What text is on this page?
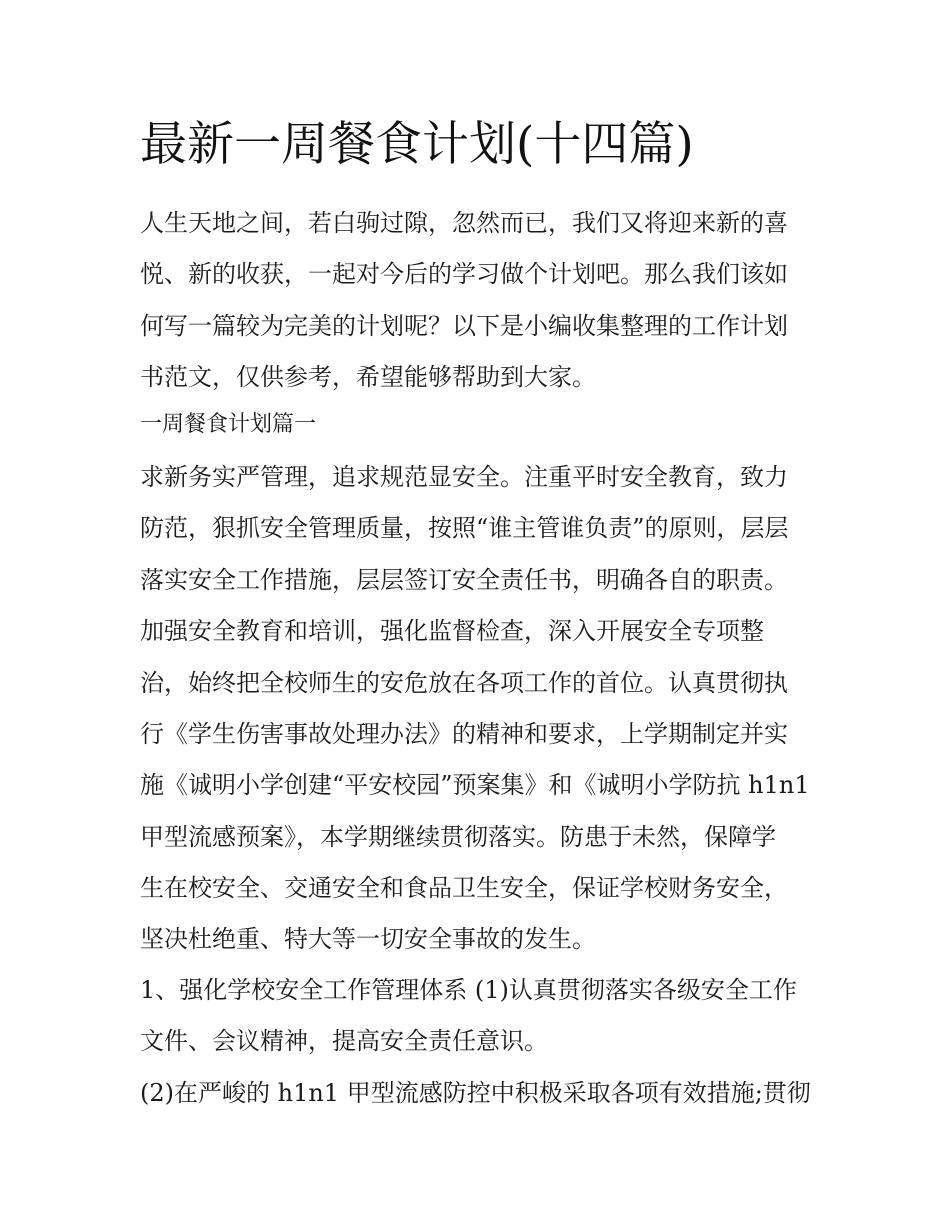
最新一周餐食计划(十四篇)

人生天地之间，若白驹过隙，忽然而已，我们又将迎来新的喜

悦、新的收获，一起对今后的学习做个计划吧。那么我们该如

何写一篇较为完美的计划呢？以下是小编收集整理的工作计划

书范文，仅供参考，希望能够帮助到大家。

一周餐食计划篇一

求新务实严管理，追求规范显安全。注重平时安全教育，致力

防范，狠抓安全管理质量，按照“谁主管谁负责”的原则，层层

落实安全工作措施，层层签订安全责任书，明确各自的职责。

加强安全教育和培训，强化监督检查，深入开展安全专项整

治，始终把全校师生的安危放在各项工作的首位。认真贯彻执

行《学生伤害事故处理办法》的精神和要求，上学期制定并实

施《诚明小学创建“平安校园”预案集》和《诚明小学防抗 h1n1

甲型流感预案》，本学期继续贯彻落实。防患于未然，保障学

生在校安全、交通安全和食品卫生安全，保证学校财务安全，

坚决杜绝重、特大等一切安全事故的发生。

1、强化学校安全工作管理体系 (1)认真贯彻落实各级安全工作

文件、会议精神，提高安全责任意识。

(2)在严峻的 h1n1 甲型流感防控中积极采取各项有效措施;贯彻
